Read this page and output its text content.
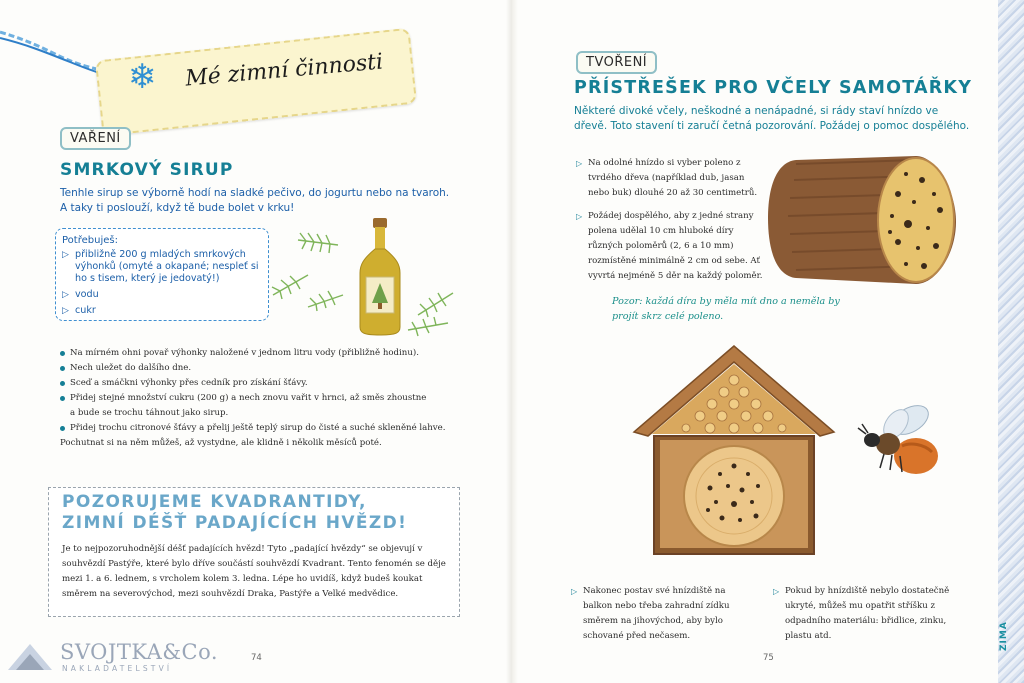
ZIMA
❄ Mé zimní činnosti
VAŘENÍ
SMRKOVÝ SIRUP
Tenhle sirup se výborně hodí na sladké pečivo, do jogurtu nebo na tvaroh. A taky ti poslouží, když tě bude bolet v krku!
Potřebuješ:
▷ přibližně 200 g mladých smrkových výhonků (omyté a okapané; nespleť si ho s tisem, který je jedovatý!)
▷ vodu
▷ cukr
Na mírném ohni povař výhonky naložené v jednom litru vody (přibližně hodinu).
Nech uležet do dalšího dne.
Sceď a smáčkni výhonky přes cedník pro získání šťávy.
Přidej stejné množství cukru (200 g) a nech znovu vařit v hrnci, až směs zhoustne
a bude se trochu táhnout jako sirup.
Přidej trochu citronové šťávy a přelij ještě teplý sirup do čisté a suché skleněné lahve.
Pochutnat si na něm můžeš, až vystydne, ale klidně i několik měsíců poté.
POZORUJEME KVADRANTIDY,
ZIMNÍ DÉŠŤ PADAJÍCÍCH HVĚZD!
Je to nejpozoruhodnější déšť padajících hvězd! Tyto „padající hvězdy“ se objevují v souhvězdí Pastýře, které bylo dříve součástí souhvězdí Kvadrant. Tento fenomén se děje mezi 1. a 6. lednem, s vrcholem kolem 3. ledna. Lépe ho uvidíš, když budeš koukat směrem na severovýchod, mezi souhvězdí Draka, Pastýře a Velké medvědice.
74
SVOJTKA&Co.
NAKLADATELSTVÍ
TVOŘENÍ
PŘÍSTŘEŠEK PRO VČELY SAMOTÁŘKY
Některé divoké včely, neškodné a nenápadné, si rády staví hnízdo ve dřevě. Toto stavení ti zaručí četná pozorování. Požádej o pomoc dospělého.
▷ Na odolné hnízdo si vyber poleno z tvrdého dřeva (například dub, jasan nebo buk) dlouhé 20 až 30 centimetrů.
▷ Požádej dospělého, aby z jedné strany polena udělal 10 cm hluboké díry různých poloměrů (2, 6 a 10 mm) rozmístěné minimálně 2 cm od sebe. Ať vyvrtá nejméně 5 děr na každý poloměr.
Pozor: každá díra by měla mít dno a neměla by projít skrz celé poleno.
▷ Nakonec postav své hnízdiště na balkon nebo třeba zahradní zídku směrem na jihovýchod, aby bylo schované před nečasem.
▷ Pokud by hnízdiště nebylo dostatečně ukryté, můžeš mu opatřit stříšku z odpadního materiálu: břidlice, zinku, plastu atd.
75
